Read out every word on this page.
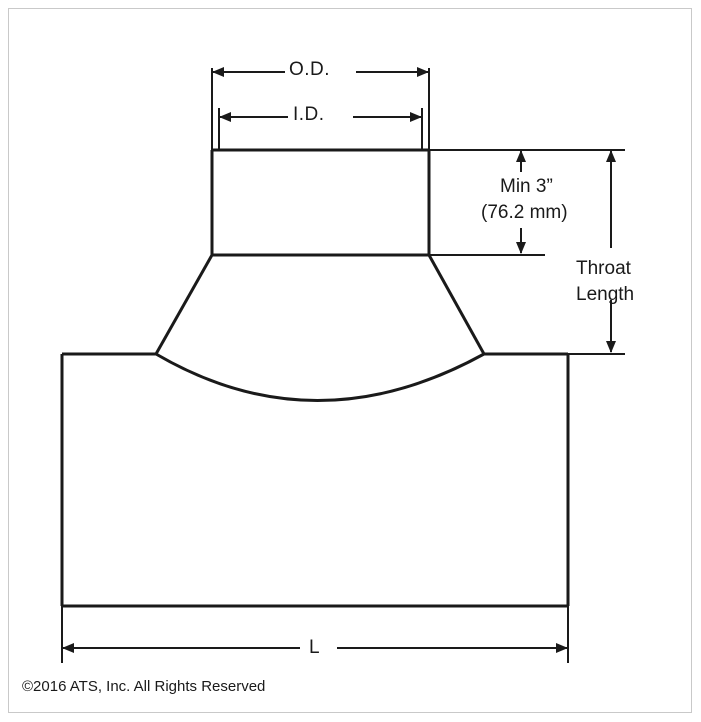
O.D.
I.D.
Min 3”
(76.2 mm)
Throat
Length
L
©2016 ATS, Inc. All Rights Reserved
